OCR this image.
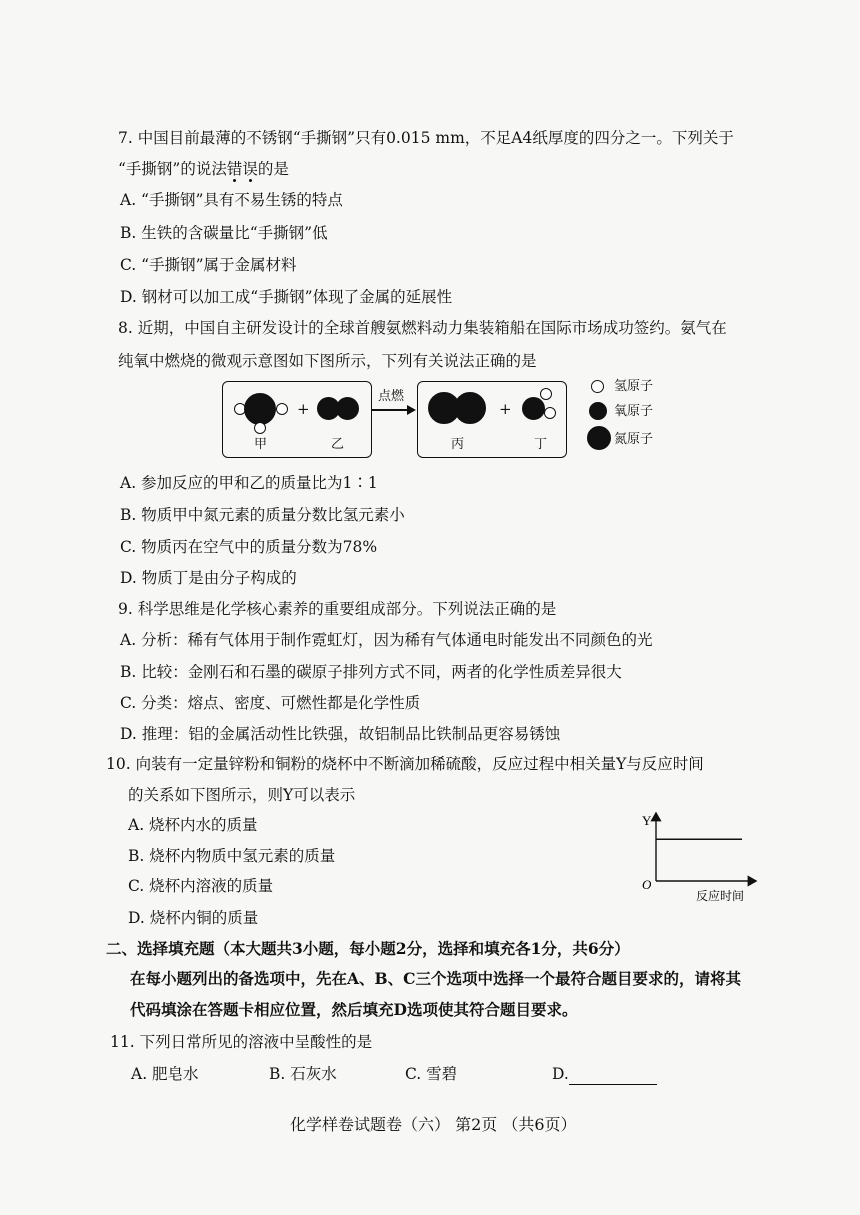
7. 中国目前最薄的不锈钢“手撕钢”只有0.015 mm，不足A4纸厚度的四分之一。下列关于
“手撕钢”的说法错
误
的是
A. “手撕钢”具有不易生锈的特点
B. 生铁的含碳量比“手撕钢”低
C. “手撕钢”属于金属材料
D. 钢材可以加工成“手撕钢”体现了金属的延展性
8. 近期，中国自主研发设计的全球首艘氨燃料动力集装箱船在国际市场成功签约。氨气在
纯氧中燃烧的微观示意图如下图所示，下列有关说法正确的是
甲
+
乙
点燃
丙
+
丁
氢原子
氧原子
氮原子
A. 参加反应的甲和乙的质量比为1∶1
B. 物质甲中氮元素的质量分数比氢元素小
C. 物质丙在空气中的质量分数为78%
D. 物质丁是由分子构成的
9. 科学思维是化学核心素养的重要组成部分。下列说法正确的是
A. 分析：稀有气体用于制作霓虹灯，因为稀有气体通电时能发出不同颜色的光
B. 比较：金刚石和石墨的碳原子排列方式不同，两者的化学性质差异很大
C. 分类：熔点、密度、可燃性都是化学性质
D. 推理：铝的金属活动性比铁强，故铝制品比铁制品更容易锈蚀
10. 向装有一定量锌粉和铜粉的烧杯中不断滴加稀硫酸，反应过程中相关量Y与反应时间
的关系如下图所示，则Y可以表示
A. 烧杯内水的质量
B. 烧杯内物质中氢元素的质量
C. 烧杯内溶液的质量
D. 烧杯内铜的质量
Y
O
反应时间
二、选择填充题（本大题共3小题，每小题2分，选择和填充各1分，共6分）
在每小题列出的备选项中，先在A、B、C三个选项中选择一个最符合题目要求的，请将其
代码填涂在答题卡相应位置，然后填充D选项使其符合题目要求。
11. 下列日常所见的溶液中呈酸性的是
A. 肥皂水	B. 石灰水	C. 雪碧	D.
化学样卷试题卷（六） 第2页 （共6页）
